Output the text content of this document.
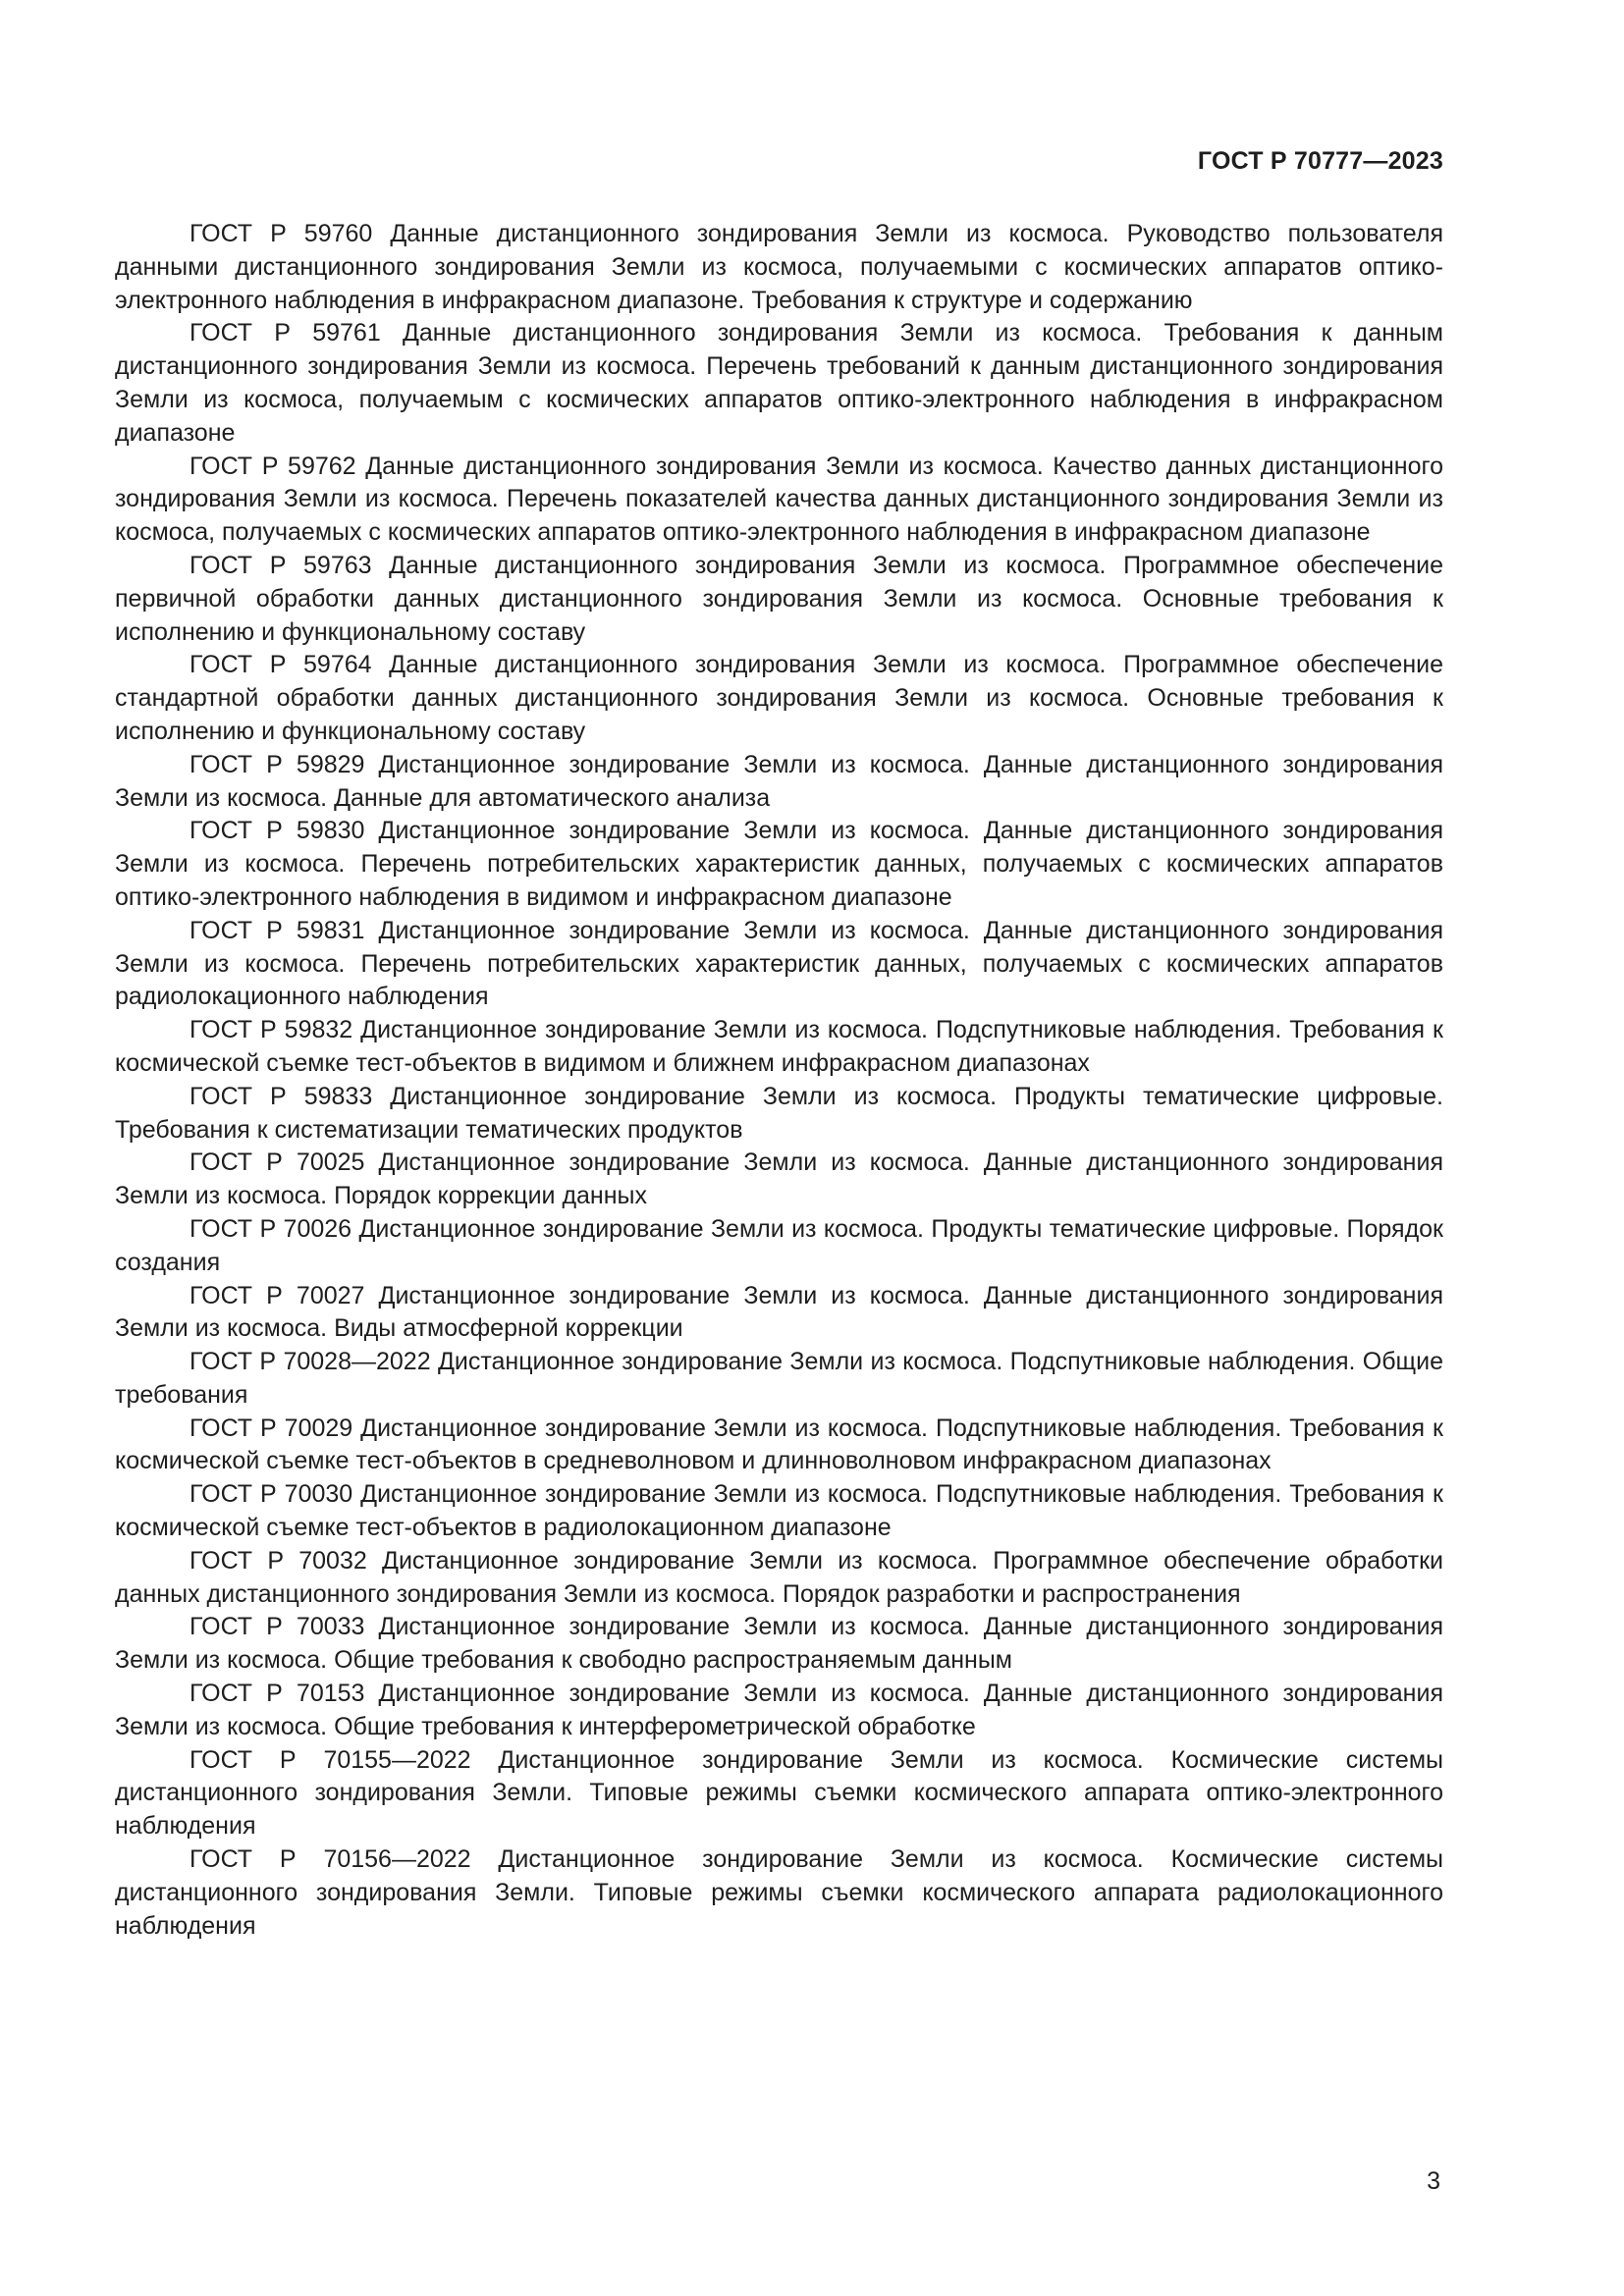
ГОСТ Р 70777—2023

ГОСТ Р 59760 Данные дистанционного зондирования Земли из космоса. Руководство пользователя данными дистанционного зондирования Земли из космоса, получаемыми с космических аппаратов оптико-электронного наблюдения в инфракрасном диапазоне. Требования к структуре и содержанию

ГОСТ Р 59761 Данные дистанционного зондирования Земли из космоса. Требования к данным дистанционного зондирования Земли из космоса. Перечень требований к данным дистанционного зондирования Земли из космоса, получаемым с космических аппаратов оптико-электронного наблюдения в инфракрасном диапазоне

ГОСТ Р 59762 Данные дистанционного зондирования Земли из космоса. Качество данных дистанционного зондирования Земли из космоса. Перечень показателей качества данных дистанционного зондирования Земли из космоса, получаемых с космических аппаратов оптико-электронного наблюдения в инфракрасном диапазоне

ГОСТ Р 59763 Данные дистанционного зондирования Земли из космоса. Программное обеспечение первичной обработки данных дистанционного зондирования Земли из космоса. Основные требования к исполнению и функциональному составу

ГОСТ Р 59764 Данные дистанционного зондирования Земли из космоса. Программное обеспечение стандартной обработки данных дистанционного зондирования Земли из космоса. Основные требования к исполнению и функциональному составу

ГОСТ Р 59829 Дистанционное зондирование Земли из космоса. Данные дистанционного зондирования Земли из космоса. Данные для автоматического анализа

ГОСТ Р 59830 Дистанционное зондирование Земли из космоса. Данные дистанционного зондирования Земли из космоса. Перечень потребительских характеристик данных, получаемых с космических аппаратов оптико-электронного наблюдения в видимом и инфракрасном диапазоне

ГОСТ Р 59831 Дистанционное зондирование Земли из космоса. Данные дистанционного зондирования Земли из космоса. Перечень потребительских характеристик данных, получаемых с космических аппаратов радиолокационного наблюдения

ГОСТ Р 59832 Дистанционное зондирование Земли из космоса. Подспутниковые наблюдения. Требования к космической съемке тест-объектов в видимом и ближнем инфракрасном диапазонах

ГОСТ Р 59833 Дистанционное зондирование Земли из космоса. Продукты тематические цифровые. Требования к систематизации тематических продуктов

ГОСТ Р 70025 Дистанционное зондирование Земли из космоса. Данные дистанционного зондирования Земли из космоса. Порядок коррекции данных

ГОСТ Р 70026 Дистанционное зондирование Земли из космоса. Продукты тематические цифровые. Порядок создания

ГОСТ Р 70027 Дистанционное зондирование Земли из космоса. Данные дистанционного зондирования Земли из космоса. Виды атмосферной коррекции

ГОСТ Р 70028—2022 Дистанционное зондирование Земли из космоса. Подспутниковые наблюдения. Общие требования

ГОСТ Р 70029 Дистанционное зондирование Земли из космоса. Подспутниковые наблюдения. Требования к космической съемке тест-объектов в средневолновом и длинноволновом инфракрасном диапазонах

ГОСТ Р 70030 Дистанционное зондирование Земли из космоса. Подспутниковые наблюдения. Требования к космической съемке тест-объектов в радиолокационном диапазоне

ГОСТ Р 70032 Дистанционное зондирование Земли из космоса. Программное обеспечение обработки данных дистанционного зондирования Земли из космоса. Порядок разработки и распространения

ГОСТ Р 70033 Дистанционное зондирование Земли из космоса. Данные дистанционного зондирования Земли из космоса. Общие требования к свободно распространяемым данным

ГОСТ Р 70153 Дистанционное зондирование Земли из космоса. Данные дистанционного зондирования Земли из космоса. Общие требования к интерферометрической обработке

ГОСТ Р 70155—2022 Дистанционное зондирование Земли из космоса. Космические системы дистанционного зондирования Земли. Типовые режимы съемки космического аппарата оптико-электронного наблюдения

ГОСТ Р 70156—2022 Дистанционное зондирование Земли из космоса. Космические системы дистанционного зондирования Земли. Типовые режимы съемки космического аппарата радиолокационного наблюдения

3
